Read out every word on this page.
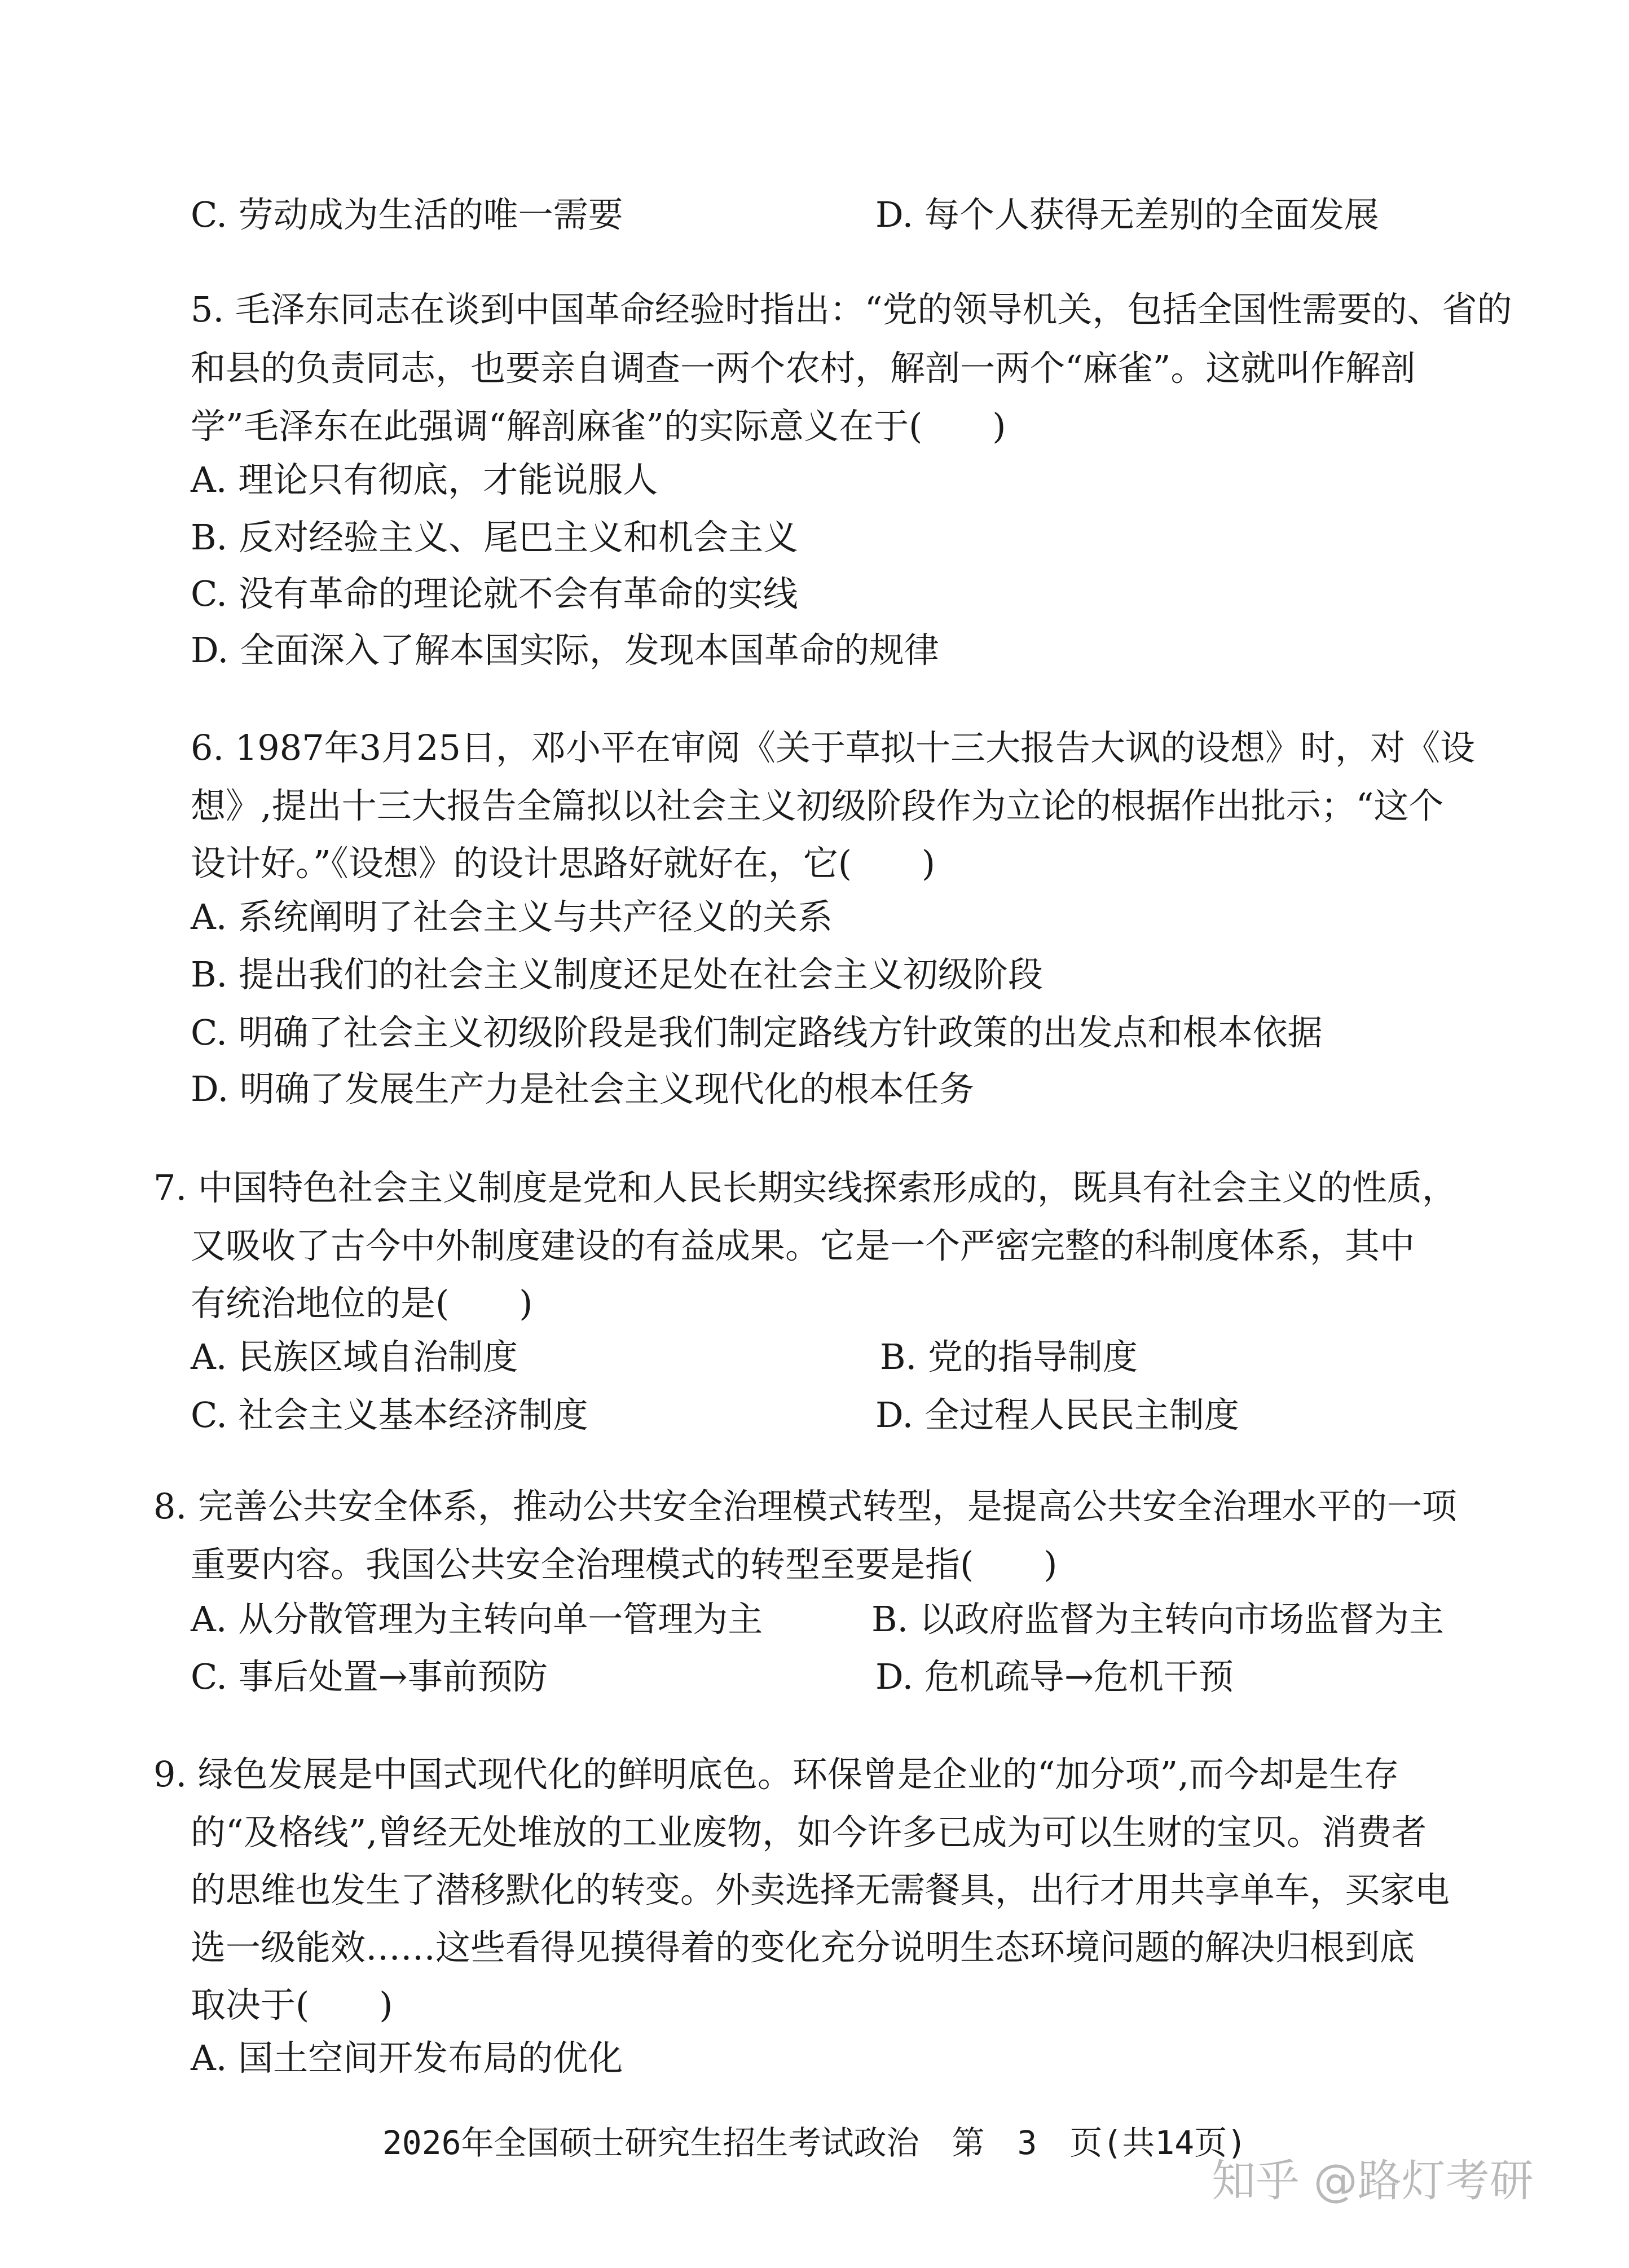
C. 劳动成为生活的唯一需要	D. 每个人获得无差别的全面发展
5. 毛泽东同志在谈到中国革命经验时指出：“党的领导机关，包括全国性需要的、省的
和县的负责同志，也要亲自调查一两个农村，解剖一两个“麻雀”。这就叫作解剖
学”毛泽东在此强调“解剖麻雀”的实际意义在于(　　)
A. 理论只有彻底，才能说服人
B. 反对经验主义、尾巴主义和机会主义
C. 没有革命的理论就不会有革命的实线
D. 全面深入了解本国实际，发现本国革命的规律
6. 1987年3月25日，邓小平在审阅《关于草拟十三大报告大讽的设想》时，对《设
想》,提出十三大报告全篇拟以社会主义初级阶段作为立论的根据作出批示；“这个
设计好。”《设想》的设计思路好就好在，它(　　)
A. 系统阐明了社会主义与共产径义的关系
B. 提出我们的社会主义制度还足处在社会主义初级阶段
C. 明确了社会主义初级阶段是我们制定路线方针政策的出发点和根本依据
D. 明确了发展生产力是社会主义现代化的根本任务
7. 中国特色社会主义制度是党和人民长期实线探索形成的，既具有社会主义的性质，
又吸收了古今中外制度建设的有益成果。它是一个严密完整的科制度体系，其中
有统治地位的是(　　)
A. 民族区域自治制度	B. 党的指导制度
C. 社会主义基本经济制度	D. 全过程人民民主制度
8. 完善公共安全体系，推动公共安全治理模式转型，是提高公共安全治理水平的一项
重要内容。我国公共安全治理模式的转型至要是指(　　)
A. 从分散管理为主转向单一管理为主	B. 以政府监督为主转向市场监督为主
C. 事后处置→事前预防	D. 危机疏导→危机干预
9. 绿色发展是中国式现代化的鲜明底色。环保曾是企业的“加分项”,而今却是生存
的“及格线”,曾经无处堆放的工业废物，如今许多已成为可以生财的宝贝。消费者
的思维也发生了潜移默化的转变。外卖选择无需餐具，出行才用共享单车，买家电
选一级能效……这些看得见摸得着的变化充分说明生态环境问题的解决归根到底
取决于(　　)
A. 国土空间开发布局的优化
2026年全国硕士研究生招生考试政治　第　3　页(共14页)
知乎 @路灯考研
